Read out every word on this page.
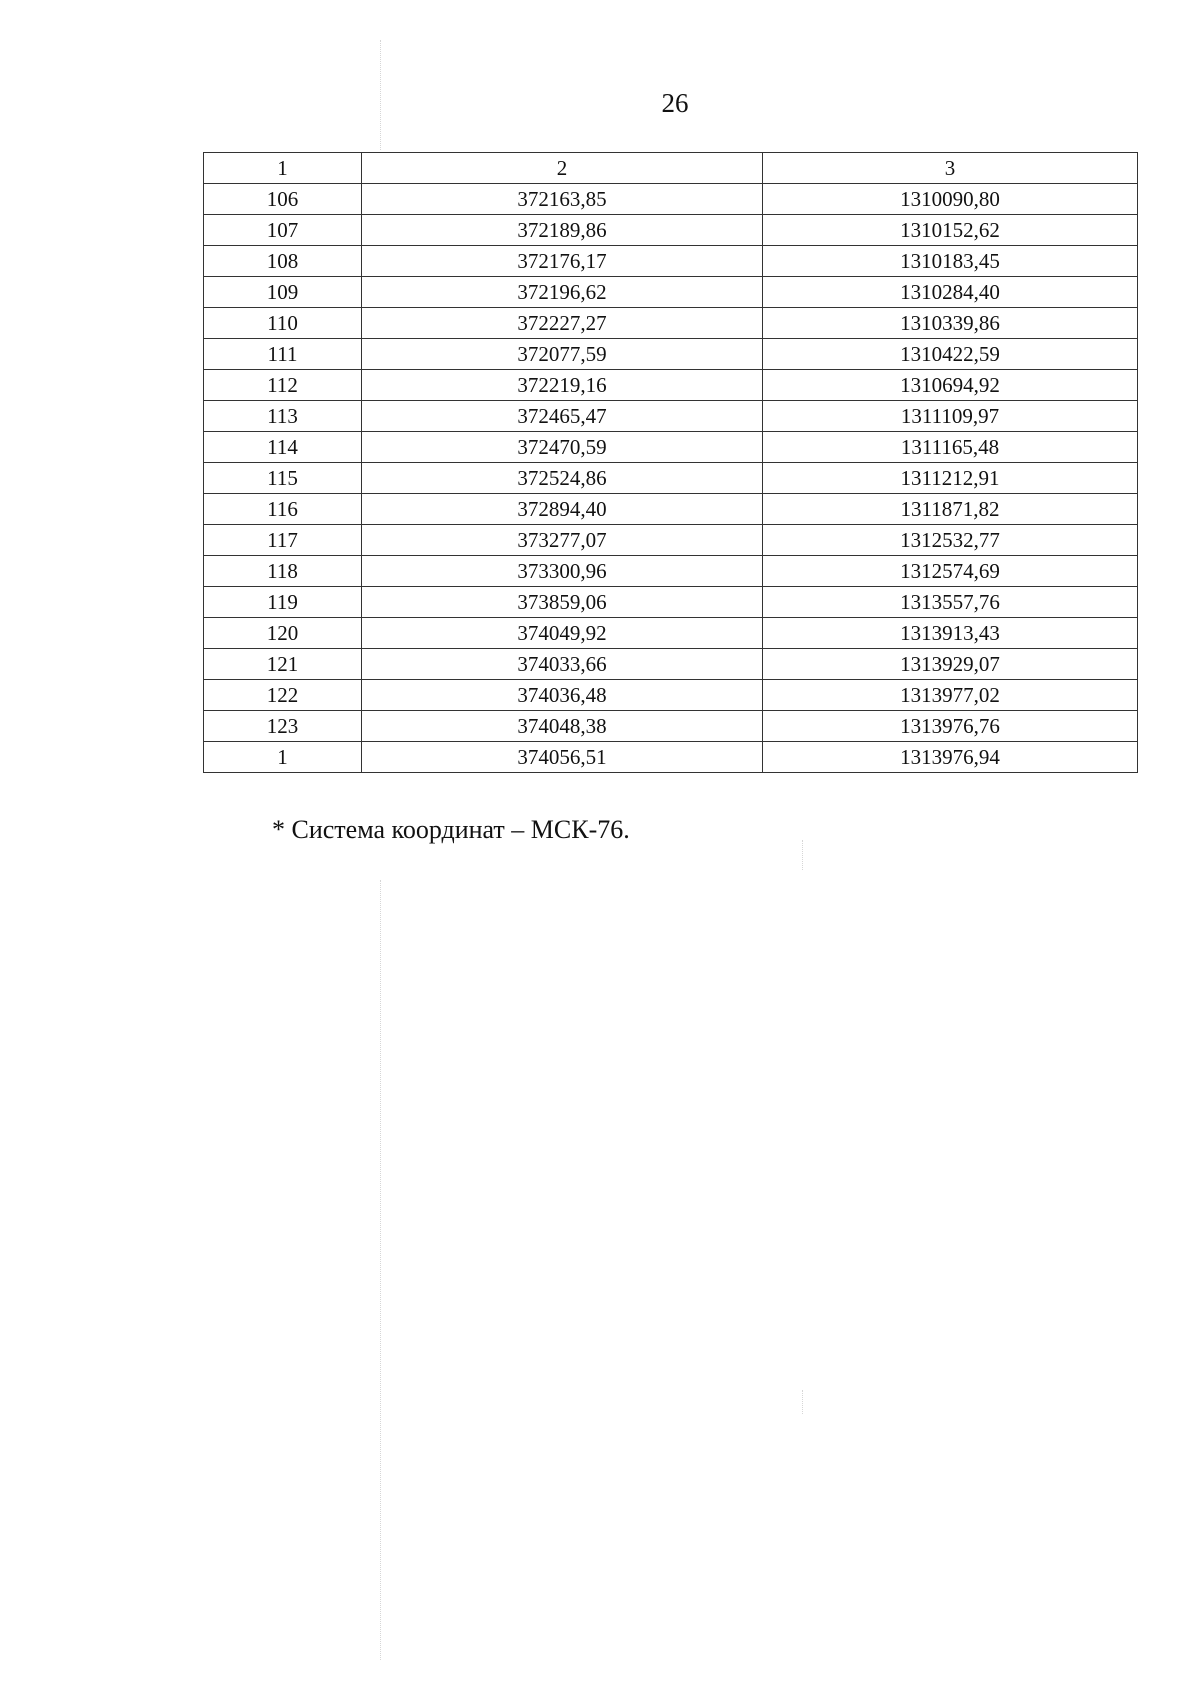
26
1	2	3
106	372163,85	1310090,80
107	372189,86	1310152,62
108	372176,17	1310183,45
109	372196,62	1310284,40
110	372227,27	1310339,86
111	372077,59	1310422,59
112	372219,16	1310694,92
113	372465,47	1311109,97
114	372470,59	1311165,48
115	372524,86	1311212,91
116	372894,40	1311871,82
117	373277,07	1312532,77
118	373300,96	1312574,69
119	373859,06	1313557,76
120	374049,92	1313913,43
121	374033,66	1313929,07
122	374036,48	1313977,02
123	374048,38	1313976,76
1	374056,51	1313976,94
* Система координат – МСК-76.
